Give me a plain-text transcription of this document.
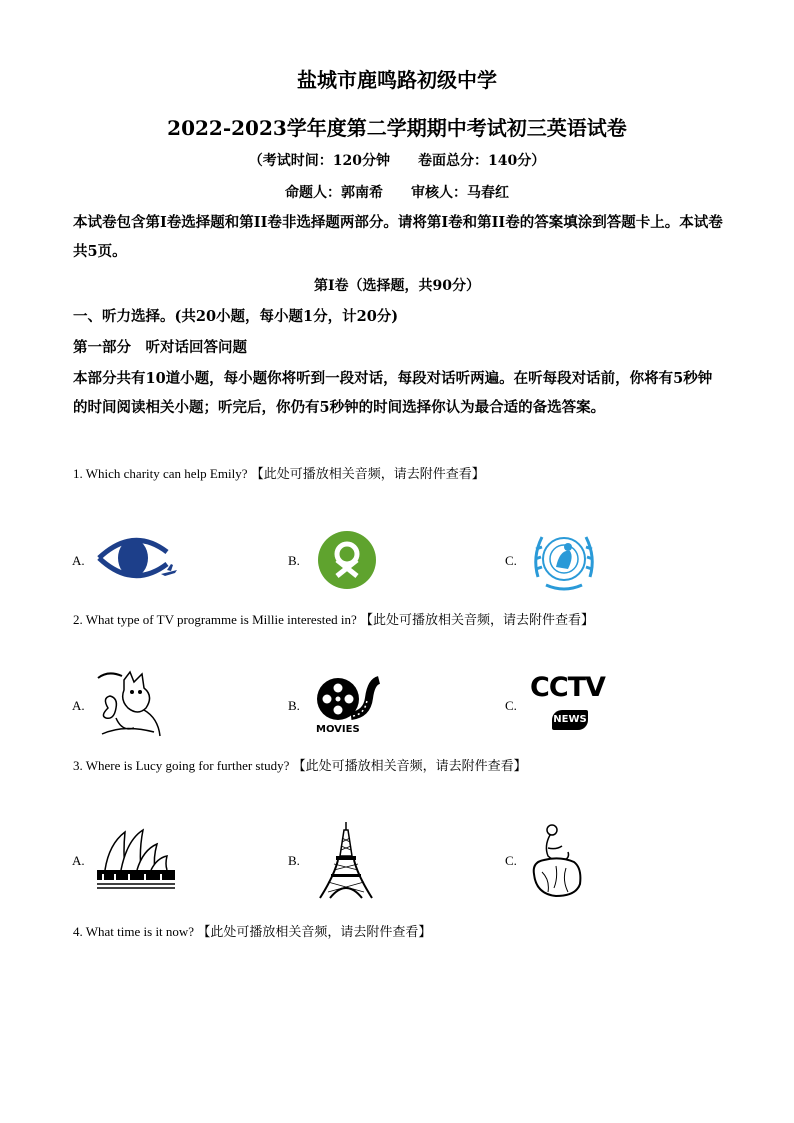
盐城市鹿鸣路初级中学
2022-2023学年度第二学期期中考试初三英语试卷
（考试时间：120分钟　　卷面总分：140分）
命题人：郭南希　　审核人：马春红
本试卷包含第I卷选择题和第II卷非选择题两部分。请将第I卷和第II卷的答案填涂到答题卡上。本试卷共5页。
第I卷（选择题，共90分）
一、听力选择。(共20小题，每小题1分，计20分)
第一部分　听对话回答问题
本部分共有10道小题，每小题你将听到一段对话，每段对话听两遍。在听每段对话前，你将有5秒钟的时间阅读相关小题；听完后，你仍有5秒钟的时间选择你认为最合适的备选答案。
1. Which charity can help Emily? 【此处可播放相关音频，请去附件查看】
A.	B.	C.
2. What type of TV programme is Millie interested in? 【此处可播放相关音频，请去附件查看】
A.	B.
MOVIES
C.
CCTV
NEWS
3. Where is Lucy going for further study? 【此处可播放相关音频，请去附件查看】
A.	B.	C.
4. What time is it now? 【此处可播放相关音频，请去附件查看】
